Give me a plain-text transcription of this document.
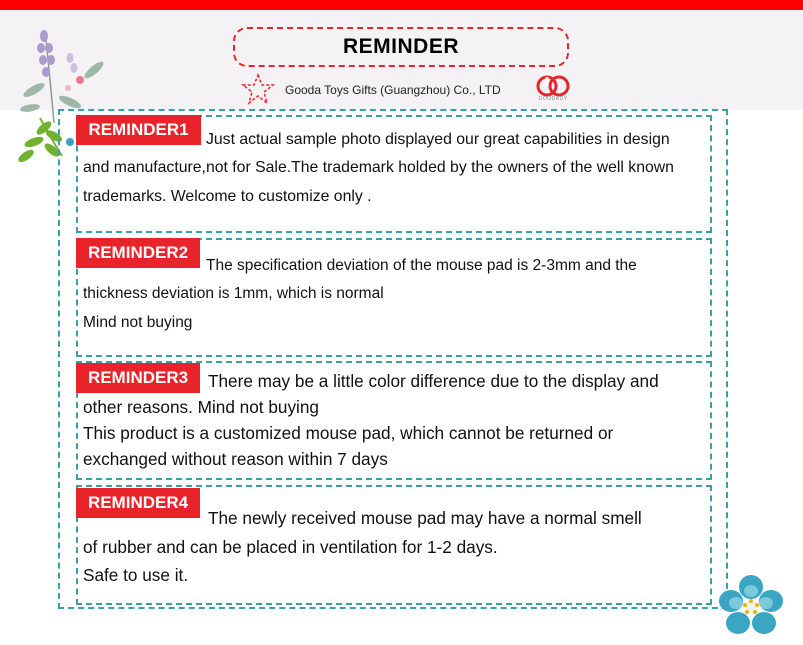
REMINDER
Gooda Toys Gifts (Guangzhou) Co., LTD
GOODADY
REMINDER1
Just actual sample photo displayed our great capabilities in design
and manufacture,not for Sale.The trademark holded by the owners of the well known
trademarks. Welcome to customize only .
REMINDER2
The specification deviation of the mouse pad is 2-3mm and the
thickness deviation is 1mm, which is normal
Mind not buying
REMINDER3	There may be a little color difference due to the display and
other reasons. Mind not buying
This product is a customized mouse pad, which cannot be returned or
exchanged without reason within 7 days
REMINDER4
The newly received mouse pad may have a normal smell
of rubber and can be placed in ventilation for 1-2 days.
Safe to use it.
